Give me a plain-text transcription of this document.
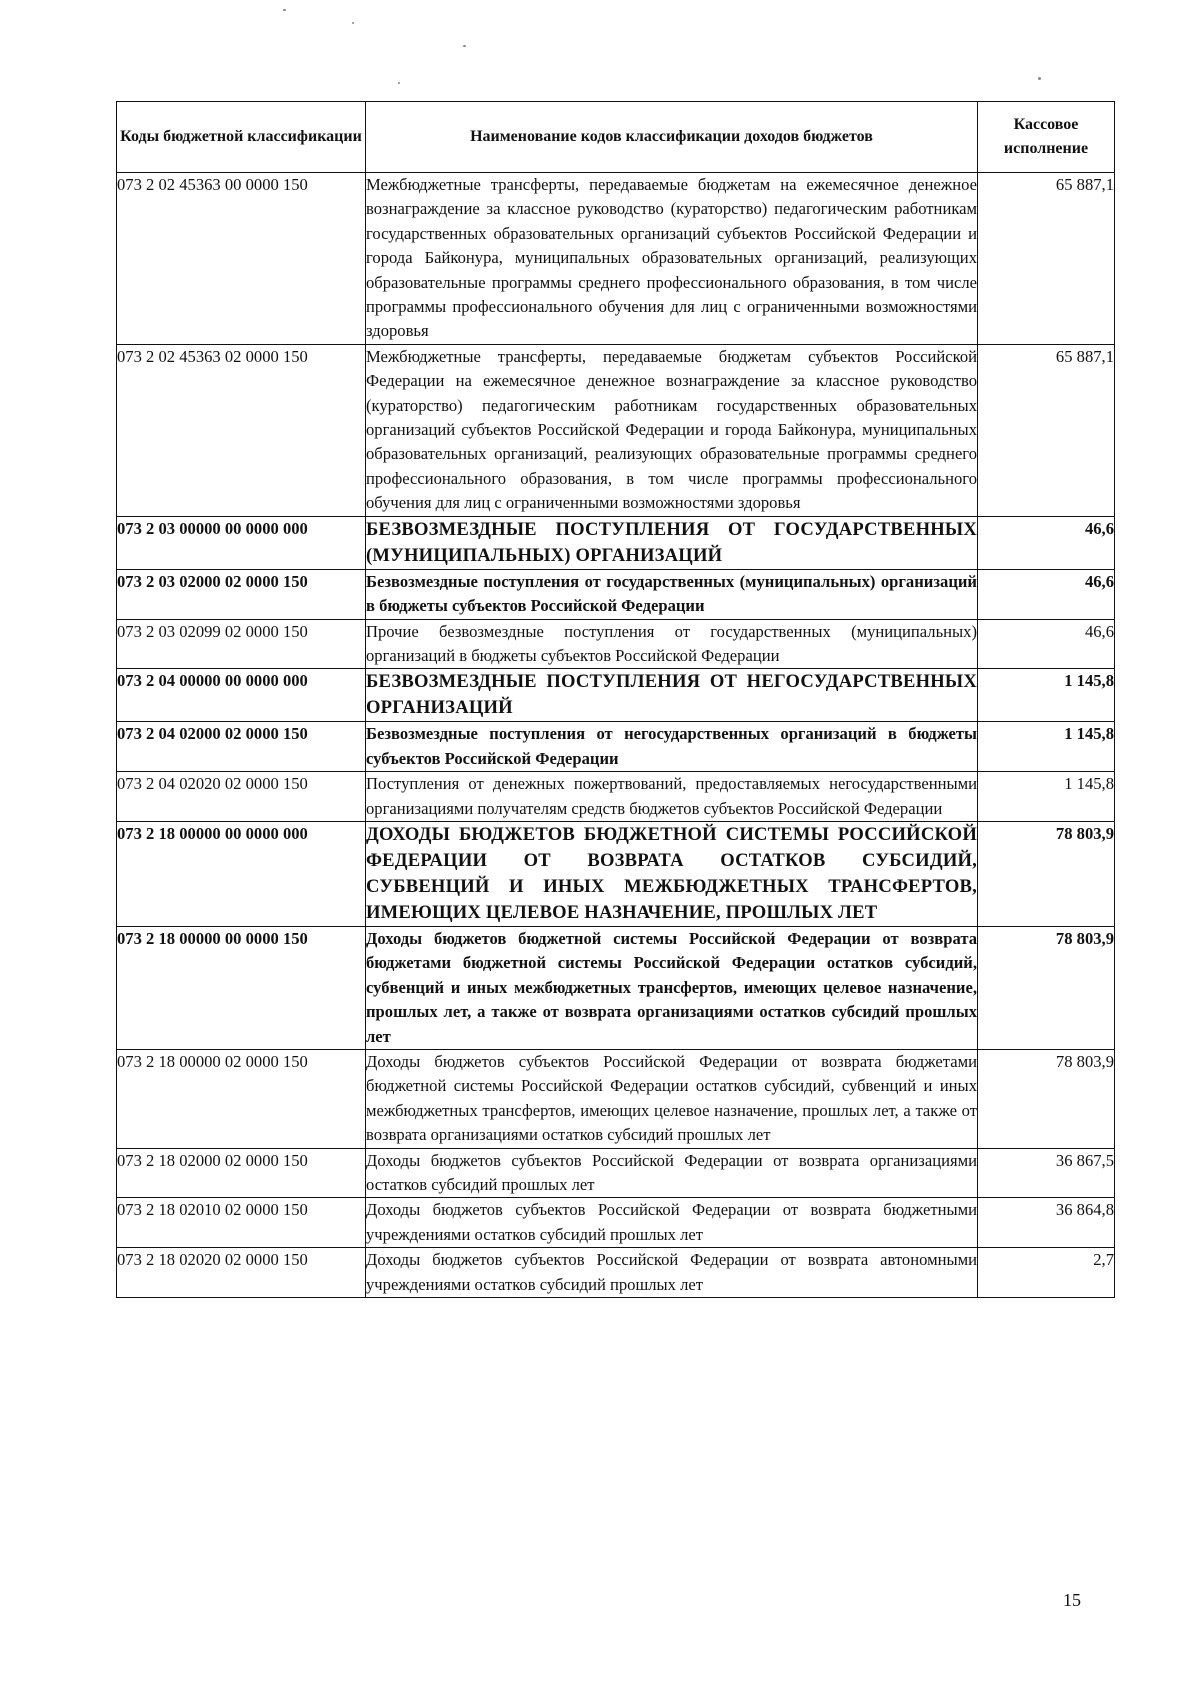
Коды бюджетной классификации	Наименование кодов классификации доходов бюджетов	Кассовое исполнение
073 2 02 45363 00 0000 150	Межбюджетные трансферты, передаваемые бюджетам на ежемесячное денежное вознаграждение за классное руководство (кураторство) педагогическим работникам государственных образовательных организаций субъектов Российской Федерации и города Байконура, муниципальных образовательных организаций, реализующих образовательные программы среднего профессионального образования, в том числе программы профессионального обучения для лиц с ограниченными возможностями здоровья	65 887,1
073 2 02 45363 02 0000 150	Межбюджетные трансферты, передаваемые бюджетам субъектов Российской Федерации на ежемесячное денежное вознаграждение за классное руководство (кураторство) педагогическим работникам государственных образовательных организаций субъектов Российской Федерации и города Байконура, муниципальных образовательных организаций, реализующих образовательные программы среднего профессионального образования, в том числе программы профессионального обучения для лиц с ограниченными возможностями здоровья	65 887,1
073 2 03 00000 00 0000 000	БЕЗВОЗМЕЗДНЫЕ ПОСТУПЛЕНИЯ ОТ ГОСУДАРСТВЕННЫХ (МУНИЦИПАЛЬНЫХ) ОРГАНИЗАЦИЙ	46,6
073 2 03 02000 02 0000 150	Безвозмездные поступления от государственных (муниципальных) организаций в бюджеты субъектов Российской Федерации	46,6
073 2 03 02099 02 0000 150	Прочие безвозмездные поступления от государственных (муниципальных) организаций в бюджеты субъектов Российской Федерации	46,6
073 2 04 00000 00 0000 000	БЕЗВОЗМЕЗДНЫЕ ПОСТУПЛЕНИЯ ОТ НЕГОСУДАРСТВЕННЫХ ОРГАНИЗАЦИЙ	1 145,8
073 2 04 02000 02 0000 150	Безвозмездные поступления от негосударственных организаций в бюджеты субъектов Российской Федерации	1 145,8
073 2 04 02020 02 0000 150	Поступления от денежных пожертвований, предоставляемых негосударственными организациями получателям средств бюджетов субъектов Российской Федерации	1 145,8
073 2 18 00000 00 0000 000	ДОХОДЫ БЮДЖЕТОВ БЮДЖЕТНОЙ СИСТЕМЫ РОССИЙСКОЙ ФЕДЕРАЦИИ ОТ ВОЗВРАТА ОСТАТКОВ СУБСИДИЙ, СУБВЕНЦИЙ И ИНЫХ МЕЖБЮДЖЕТНЫХ ТРАНСФЕРТОВ, ИМЕЮЩИХ ЦЕЛЕВОЕ НАЗНАЧЕНИЕ, ПРОШЛЫХ ЛЕТ	78 803,9
073 2 18 00000 00 0000 150	Доходы бюджетов бюджетной системы Российской Федерации от возврата бюджетами бюджетной системы Российской Федерации остатков субсидий, субвенций и иных межбюджетных трансфертов, имеющих целевое назначение, прошлых лет, а также от возврата организациями остатков субсидий прошлых лет	78 803,9
073 2 18 00000 02 0000 150	Доходы бюджетов субъектов Российской Федерации от возврата бюджетами бюджетной системы Российской Федерации остатков субсидий, субвенций и иных межбюджетных трансфертов, имеющих целевое назначение, прошлых лет, а также от возврата организациями остатков субсидий прошлых лет	78 803,9
073 2 18 02000 02 0000 150	Доходы бюджетов субъектов Российской Федерации от возврата организациями остатков субсидий прошлых лет	36 867,5
073 2 18 02010 02 0000 150	Доходы бюджетов субъектов Российской Федерации от возврата бюджетными учреждениями остатков субсидий прошлых лет	36 864,8
073 2 18 02020 02 0000 150	Доходы бюджетов субъектов Российской Федерации от возврата автономными учреждениями остатков субсидий прошлых лет	2,7
15
